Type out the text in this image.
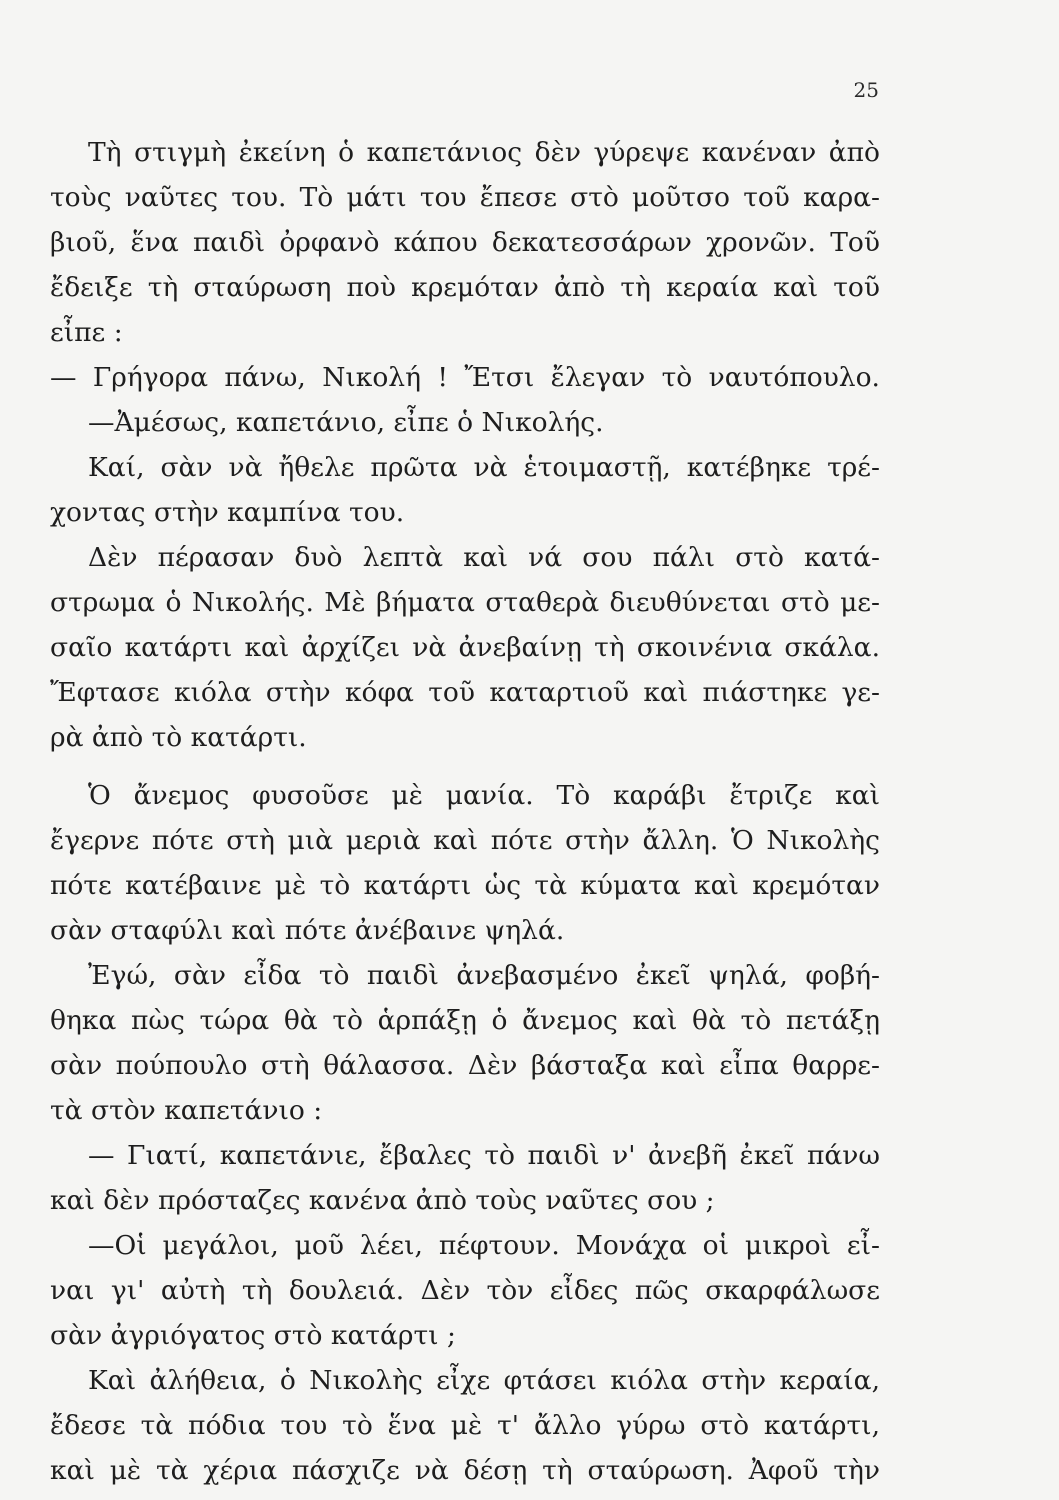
25
Τὴ στιγμὴ ἐκείνη ὁ καπετάνιος δὲν γύρεψε κανέναν ἀπὸ
τοὺς ναῦτες του. Τὸ μάτι του ἔπεσε στὸ μοῦτσο τοῦ καρα-
βιοῦ, ἕνα παιδὶ ὀρφανὸ κάπου δεκατεσσάρων χρονῶν. Τοῦ
ἔδειξε τὴ σταύρωση ποὺ κρεμόταν ἀπὸ τὴ κεραία καὶ τοῦ
εἶπε :
— Γρήγορα πάνω, Νικολή ! Ἔτσι ἔλεγαν τὸ ναυτόπουλο.
—Ἀμέσως, καπετάνιο, εἶπε ὁ Νικολής.
Καί, σὰν νὰ ἤθελε πρῶτα νὰ ἑτοιμαστῇ, κατέβηκε τρέ-
χοντας στὴν καμπίνα του.
Δὲν πέρασαν δυὸ λεπτὰ καὶ νά σου πάλι στὸ κατά-
στρωμα ὁ Νικολής. Μὲ βήματα σταθερὰ διευθύνεται στὸ με-
σαῖο κατάρτι καὶ ἀρχίζει νὰ ἀνεβαίνῃ τὴ σκοινένια σκάλα.
Ἔφτασε κιόλα στὴν κόφα τοῦ καταρτιοῦ καὶ πιάστηκε γε-
ρὰ ἀπὸ τὸ κατάρτι.
Ὁ ἄνεμος φυσοῦσε μὲ μανία. Τὸ καράβι ἔτριζε καὶ
ἔγερνε πότε στὴ μιὰ μεριὰ καὶ πότε στὴν ἄλλη. Ὁ Νικολὴς
πότε κατέβαινε μὲ τὸ κατάρτι ὡς τὰ κύματα καὶ κρεμόταν
σὰν σταφύλι καὶ πότε ἀνέβαινε ψηλά.
Ἐγώ, σὰν εἶδα τὸ παιδὶ ἀνεβασμένο ἐκεῖ ψηλά, φοβή-
θηκα πὼς τώρα θὰ τὸ ἁρπάξῃ ὁ ἄνεμος καὶ θὰ τὸ πετάξῃ
σὰν πούπουλο στὴ θάλασσα. Δὲν βάσταξα καὶ εἶπα θαρρε-
τὰ στὸν καπετάνιο :
— Γιατί, καπετάνιε, ἔβαλες τὸ παιδὶ ν' ἀνεβῆ ἐκεῖ πάνω
καὶ δὲν πρόσταζες κανένα ἀπὸ τοὺς ναῦτες σου ;
—Οἱ μεγάλοι, μοῦ λέει, πέφτουν. Μονάχα οἱ μικροὶ εἶ-
ναι γι' αὐτὴ τὴ δουλειά. Δὲν τὸν εἶδες πῶς σκαρφάλωσε
σὰν ἀγριόγατος στὸ κατάρτι ;
Καὶ ἀλήθεια, ὁ Νικολὴς εἶχε φτάσει κιόλα στὴν κεραία,
ἔδεσε τὰ πόδια του τὸ ἕνα μὲ τ' ἄλλο γύρω στὸ κατάρτι,
καὶ μὲ τὰ χέρια πάσχιζε νὰ δέσῃ τὴ σταύρωση. Ἀφοῦ τὴν
